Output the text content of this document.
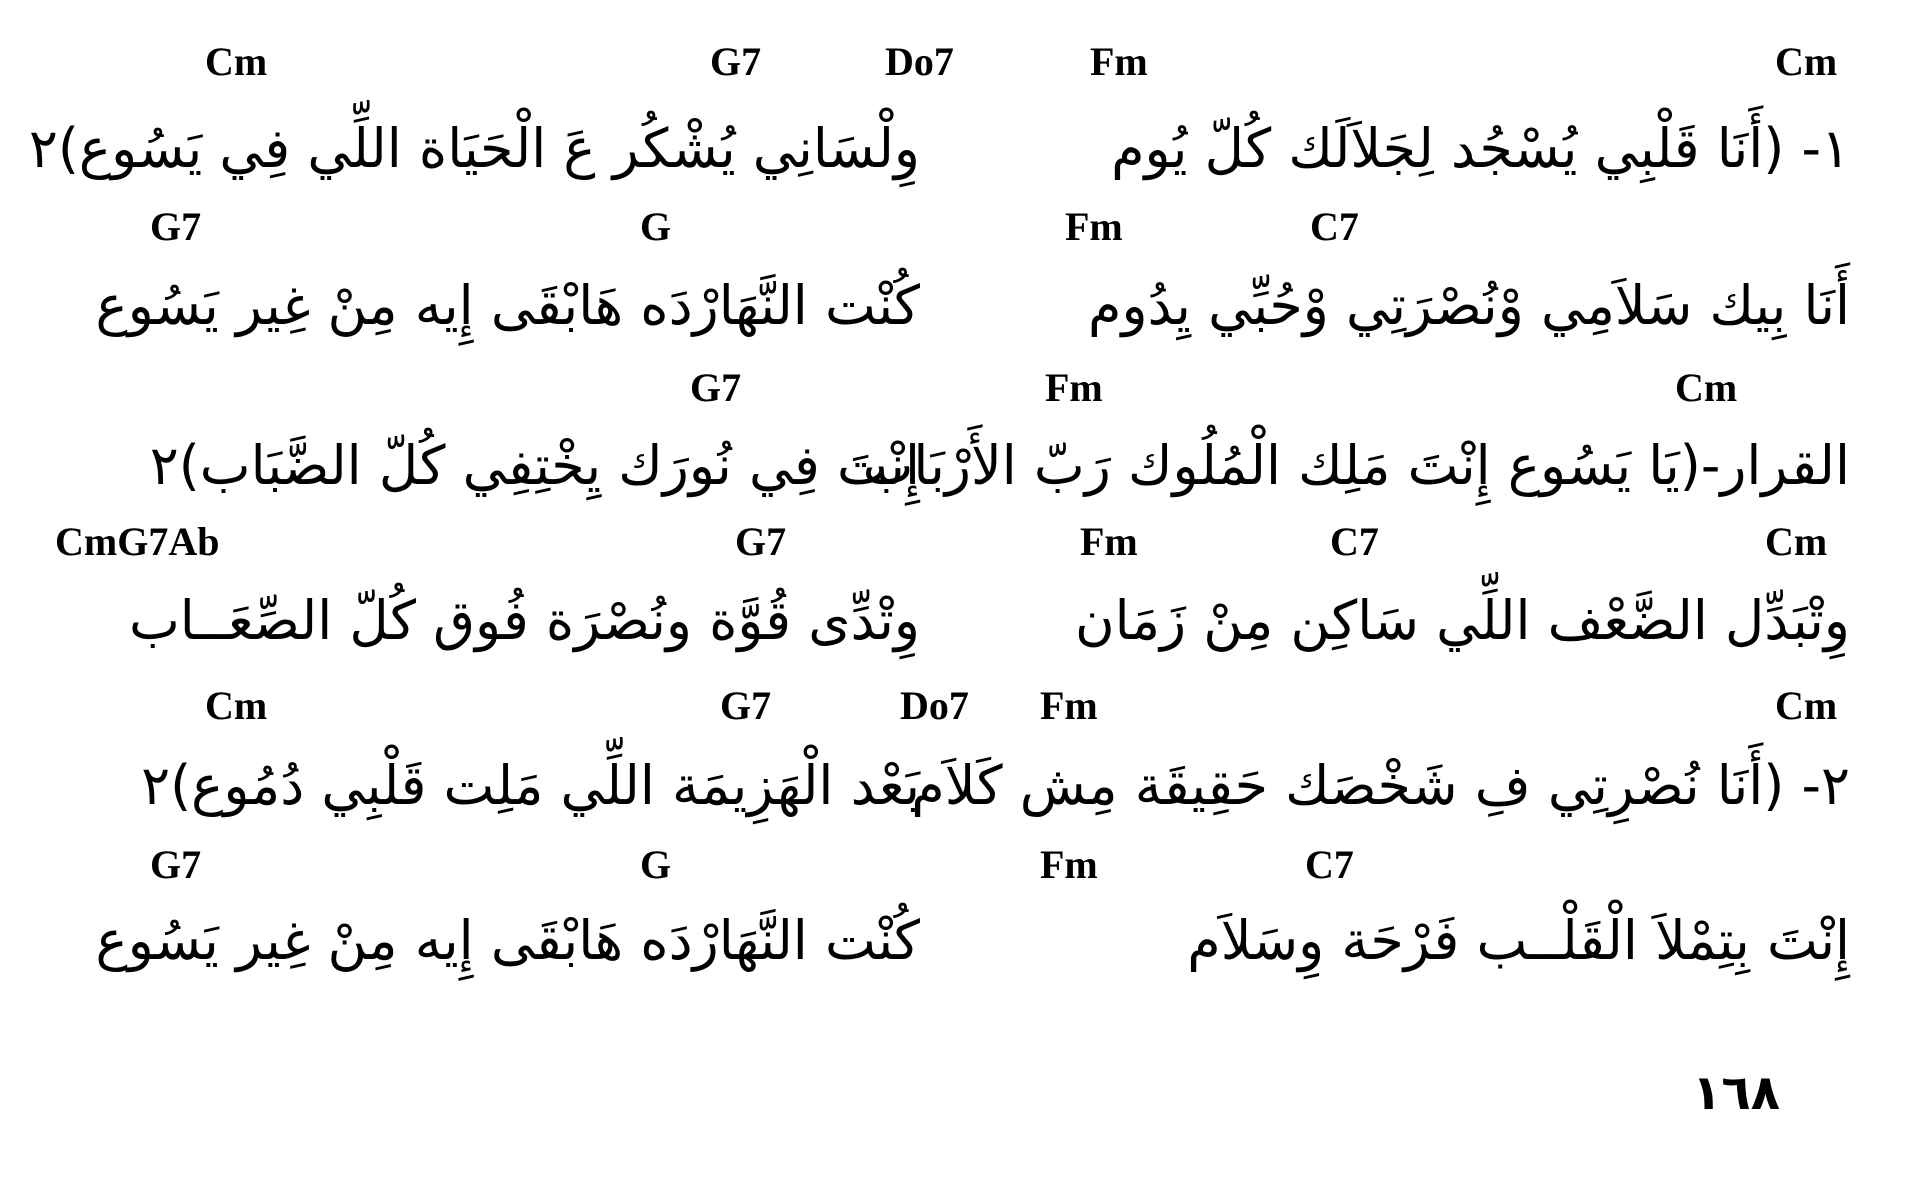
Fm	Cm
١- (أَنَا قَلْبِي يُسْجُد لِجَلاَلَك كُلّ يُوم
Fm	C7
أَنَا بِيك سَلاَمِي وْنُصْرَتِي وْحُبِّي يِدُوم
Fm	Cm
القرار-(يَا يَسُوع إِنْتَ مَلِك الْمُلُوك رَبّ الأَرْبَاب
Fm	C7	Cm
وِتْبَدِّل الضَّعْف اللِّي سَاكِن مِنْ زَمَان
Fm	Cm
٢- (أَنَا نُصْرِتِي فِ شَخْصَك حَقِيقَة مِش كَلاَم
Fm	C7
إِنْتَ بِتِمْلاَ الْقَلْــب فَرْحَة وِسَلاَم
Do7
G7
Cm
وِلْسَانِي يُشْكُر عَ الْحَيَاة اللِّي فِي يَسُوع)٢
G
G7
كُنْت النَّهَارْدَه هَابْقَى إِيه مِنْ غِير يَسُوع
G7
إِنْتَ فِي نُورَك يِخْتِفِي كُلّ الضَّبَاب)٢
G7
CmG7Ab
وِتْدِّى قُوَّة ونُصْرَة فُوق كُلّ الصِّعَــاب
Do7
G7
Cm
بَعْد الْهَزِيمَة اللِّي مَلِت قَلْبِي دُمُوع)٢
G
G7
كُنْت النَّهَارْدَه هَابْقَى إِيه مِنْ غِير يَسُوع
١٦٨
